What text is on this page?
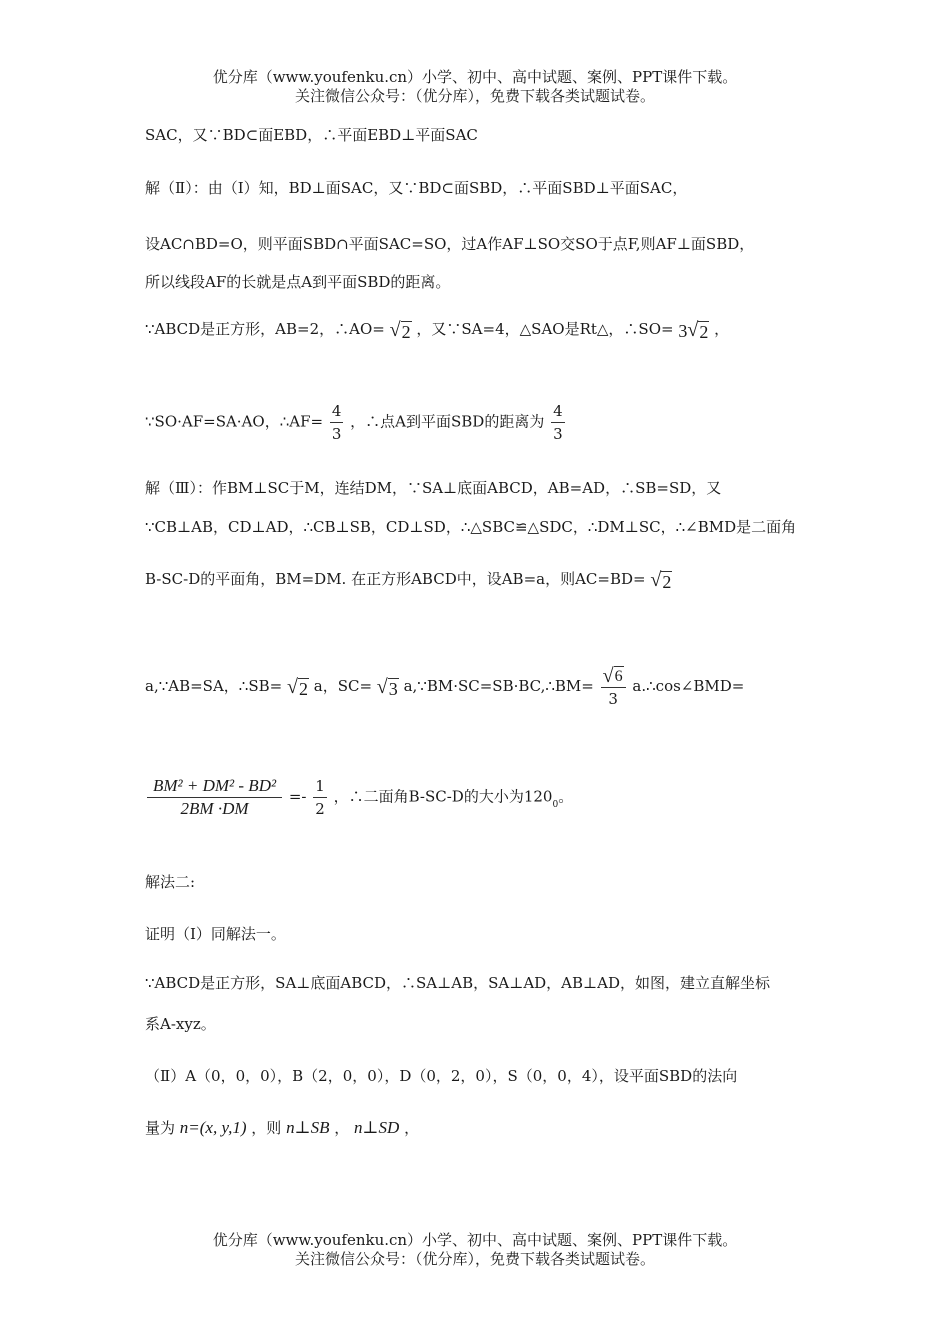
优分库（www.youfenku.cn）小学、初中、高中试题、案例、PPT课件下载。
关注微信公众号：（优分库），免费下载各类试题试卷。
SAC，又∵BD⊂面EBD，∴平面EBD⊥平面SAC
解（Ⅱ）：由（Ⅰ）知，BD⊥面SAC，又∵BD⊂面SBD，∴平面SBD⊥平面SAC，
设AC∩BD=O，则平面SBD∩平面SAC=SO，过A作AF⊥SO交SO于点F,则AF⊥面SBD，
所以线段AF的长就是点A到平面SBD的距离。
∵ABCD是正方形，AB=2，∴AO= √ 2 ，又∵SA=4，△SAO是Rt△，∴SO= 3 √ 2 ，
∵SO·AF=SA·AO，∴AF= $\frac{4}{3}$ ，∴点A到平面SBD的距离为 $\frac{4}{3}$
解（Ⅲ）：作BM⊥SC于M，连结DM，∵SA⊥底面ABCD，AB=AD，∴SB=SD，又
∵CB⊥AB，CD⊥AD，∴CB⊥SB，CD⊥SD，∴△SBC≌△SDC，∴DM⊥SC，∴∠BMD是二面角
B-SC-D的平面角，BM=DM. 在正方形ABCD中，设AB=a，则AC=BD= √ 2
a,∵AB=SA，∴SB= √ 2 a，SC= √ 3 a,∵BM·SC=SB·BC,∴BM= $\frac{√ 6}{3}$ a.∴cos∠BMD=
$\frac{\text{BM² + DM² - BD²}}{2BM \cdot DM} =- \frac{1}{2}$ ，∴二面角B-SC-D的大小为$120_0$。
解法二:
证明（Ⅰ）同解法一。
∵ABCD是正方形，SA⊥底面ABCD，∴SA⊥AB，SA⊥AD，AB⊥AD，如图，建立直解坐标
系A-xyz。
（Ⅱ）A（0，0，0），B（2，0，0），D（0，2，0），S（0，0，4），设平面SBD的法向
量为 n=(x, y,1) ，则 n⊥SB ， n⊥SD ，
优分库（www.youfenku.cn）小学、初中、高中试题、案例、PPT课件下载。
关注微信公众号：（优分库），免费下载各类试题试卷。
